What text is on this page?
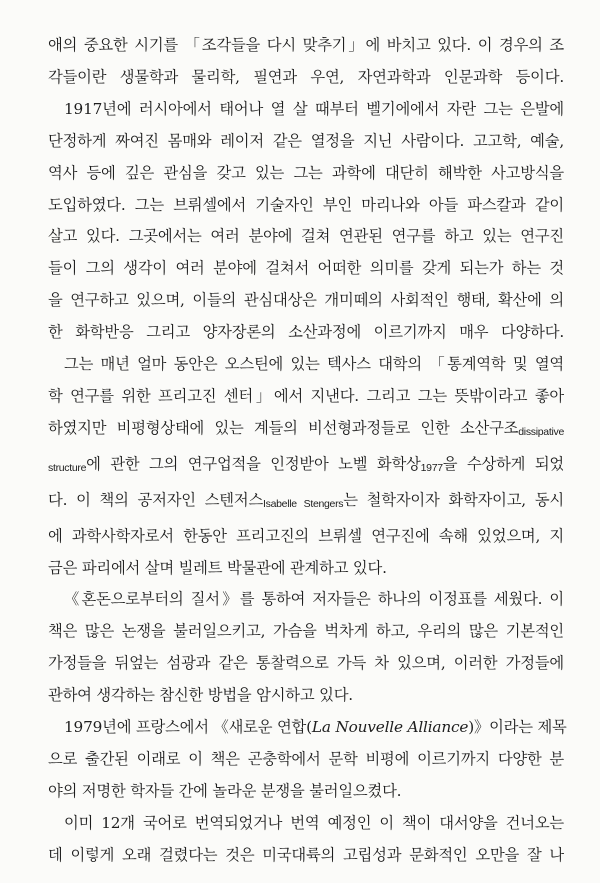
애의 중요한 시기를 「조각들을 다시 맞추기」에 바치고 있다. 이 경우의 조
각들이란 생물학과 물리학, 필연과 우연, 자연과학과 인문과학 등이다.

1917년에 러시아에서 태어나 열 살 때부터 벨기에에서 자란 그는 은발에
단정하게 짜여진 몸매와 레이저 같은 열정을 지닌 사람이다. 고고학, 예술,
역사 등에 깊은 관심을 갖고 있는 그는 과학에 대단히 해박한 사고방식을
도입하였다. 그는 브뤼셀에서 기술자인 부인 마리나와 아들 파스칼과 같이
살고 있다. 그곳에서는 여러 분야에 걸쳐 연관된 연구를 하고 있는 연구진
들이 그의 생각이 여러 분야에 걸쳐서 어떠한 의미를 갖게 되는가 하는 것
을 연구하고 있으며, 이들의 관심대상은 개미떼의 사회적인 행태, 확산에 의
한 화학반응 그리고 양자장론의 소산과정에 이르기까지 매우 다양하다.

그는 매년 얼마 동안은 오스틴에 있는 텍사스 대학의 「통계역학 및 열역
학 연구를 위한 프리고진 센터」에서 지낸다. 그리고 그는 뜻밖이라고 좋아
하였지만 비평형상태에 있는 계들의 비선형과정들로 인한 소산구조dissipative
structure에 관한 그의 연구업적을 인정받아 노벨 화학상1977을 수상하게 되었
다. 이 책의 공저자인 스텐저스Isabelle Stengers는 철학자이자 화학자이고, 동시
에 과학사학자로서 한동안 프리고진의 브뤼셀 연구진에 속해 있었으며, 지
금은 파리에서 살며 빌레트 박물관에 관계하고 있다.

《혼돈으로부터의 질서》를 통하여 저자들은 하나의 이정표를 세웠다. 이
책은 많은 논쟁을 불러일으키고, 가슴을 벅차게 하고, 우리의 많은 기본적인
가정들을 뒤엎는 섬광과 같은 통찰력으로 가득 차 있으며, 이러한 가정들에
관하여 생각하는 참신한 방법을 암시하고 있다.

1979년에 프랑스에서 《새로운 연합(La Nouvelle Alliance)》이라는 제목
으로 출간된 이래로 이 책은 곤충학에서 문학 비평에 이르기까지 다양한 분
야의 저명한 학자들 간에 놀라운 분쟁을 불러일으켰다.

이미 12개 국어로 번역되었거나 번역 예정인 이 책이 대서양을 건너오는
데 이렇게 오래 걸렸다는 것은 미국대륙의 고립성과 문화적인 오만을 잘 나
